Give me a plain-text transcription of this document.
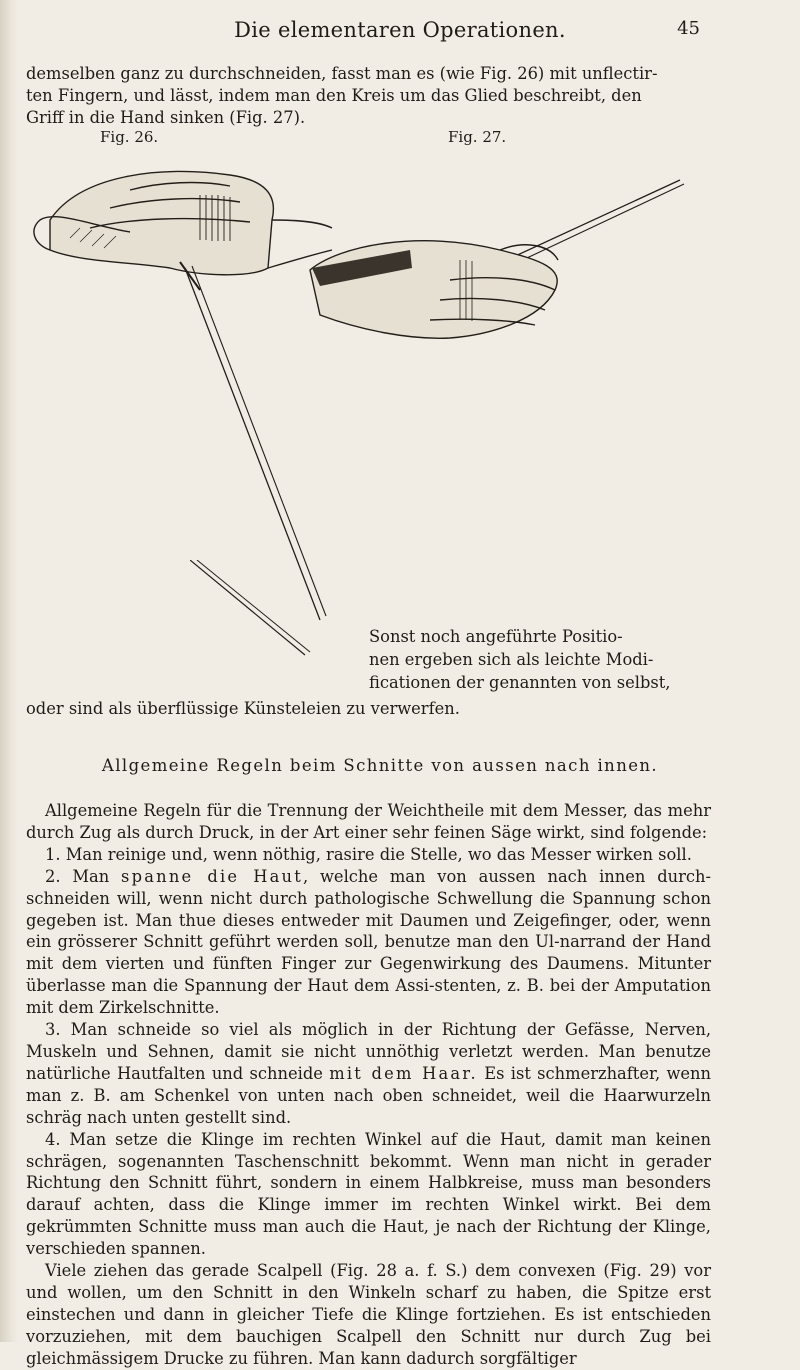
Die elementaren Operationen.	45
demselben ganz zu durchschneiden, fasst man es (wie Fig. 26) mit unflectir-
ten Fingern, und lässt, indem man den Kreis um das Glied beschreibt, den
Griff in die Hand sinken (Fig. 27).
Fig. 26.	Fig. 27.
Sonst noch angeführte Positio-
nen ergeben sich als leichte Modi-
ficationen der genannten von selbst,
oder sind als überflüssige Künsteleien zu verwerfen.
Allgemeine Regeln beim Schnitte von aussen nach innen.

Allgemeine Regeln für die Trennung der Weichtheile mit dem Messer, das mehr durch Zug als durch Druck, in der Art einer sehr feinen Säge wirkt, sind folgende:

1. Man reinige und, wenn nöthig, rasire die Stelle, wo das Messer wirken soll.

2. Man spanne die Haut, welche man von aussen nach innen durch-schneiden will, wenn nicht durch pathologische Schwellung die Spannung schon gegeben ist. Man thue dieses entweder mit Daumen und Zeigefinger, oder, wenn ein grösserer Schnitt geführt werden soll, benutze man den Ul-narrand der Hand mit dem vierten und fünften Finger zur Gegenwirkung des Daumens. Mitunter überlasse man die Spannung der Haut dem Assi-stenten, z. B. bei der Amputation mit dem Zirkelschnitte.

3. Man schneide so viel als möglich in der Richtung der Gefässe, Nerven, Muskeln und Sehnen, damit sie nicht unnöthig verletzt werden. Man benutze natürliche Hautfalten und schneide mit dem Haar. Es ist schmerzhafter, wenn man z. B. am Schenkel von unten nach oben schneidet, weil die Haarwurzeln schräg nach unten gestellt sind.

4. Man setze die Klinge im rechten Winkel auf die Haut, damit man keinen schrägen, sogenannten Taschenschnitt bekommt. Wenn man nicht in gerader Richtung den Schnitt führt, sondern in einem Halbkreise, muss man besonders darauf achten, dass die Klinge immer im rechten Winkel wirkt. Bei dem gekrümmten Schnitte muss man auch die Haut, je nach der Richtung der Klinge, verschieden spannen.

Viele ziehen das gerade Scalpell (Fig. 28 a. f. S.) dem convexen (Fig. 29) vor und wollen, um den Schnitt in den Winkeln scharf zu haben, die Spitze erst einstechen und dann in gleicher Tiefe die Klinge fortziehen. Es ist entschieden vorzuziehen, mit dem bauchigen Scalpell den Schnitt nur durch Zug bei gleichmässigem Drucke zu führen. Man kann dadurch sorgfältiger
